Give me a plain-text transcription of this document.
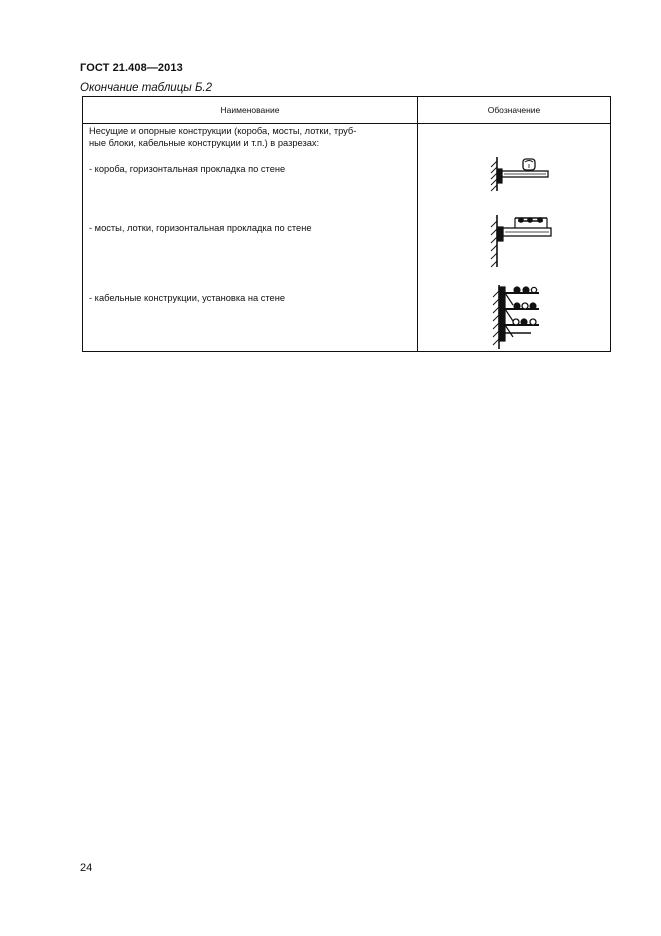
ГОСТ 21.408—2013
Окончание таблицы Б.2
Наименование	Обозначение
Несущие и опорные конструкции (короба, мосты, лотки, труб-
ные блоки, кабельные конструкции и т.п.) в разрезах:
- короба, горизонтальная прокладка по стене
- мосты, лотки, горизонтальная прокладка по стене
- кабельные конструкции, установка на стене
24
